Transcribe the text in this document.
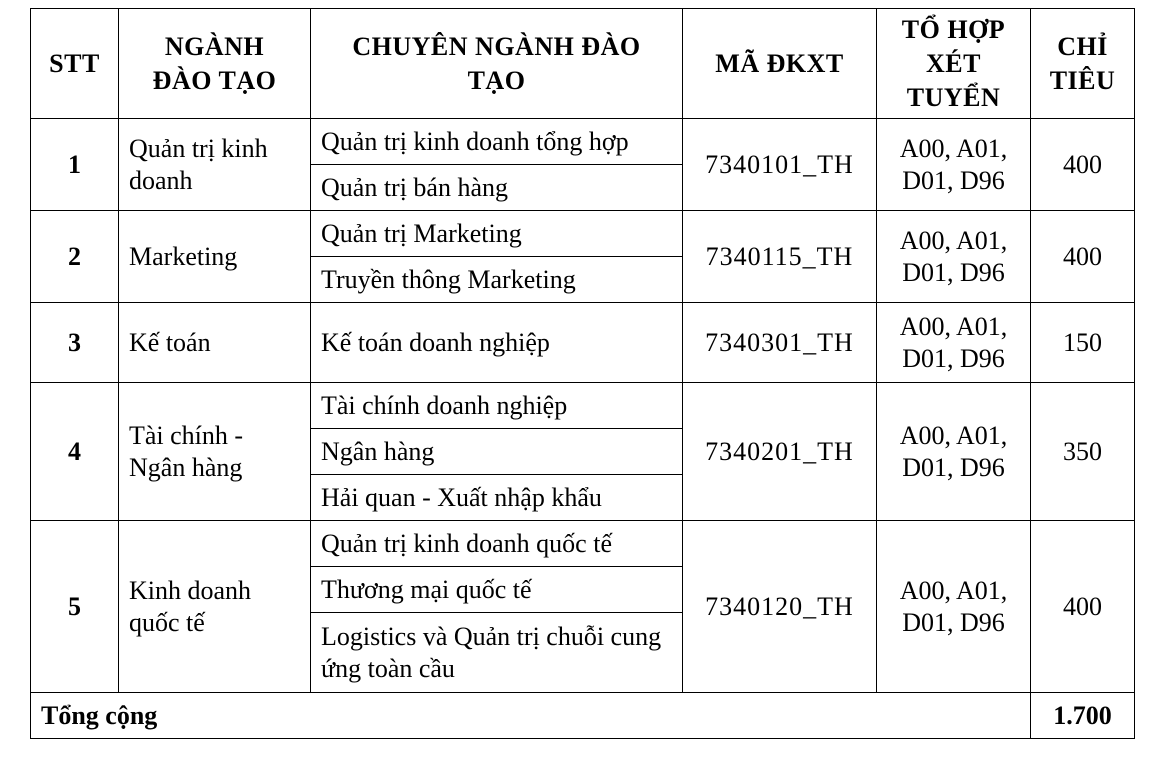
STT	NGÀNH ĐÀO TẠO	CHUYÊN NGÀNH ĐÀO TẠO	MÃ ĐKXT	TỔ HỢP XÉT TUYỂN	CHỈ TIÊU
1	Quản trị kinh doanh	Quản trị kinh doanh tổng hợp	7340101_TH	A00, A01, D01, D96	400
		Quản trị bán hàng			
2	Marketing	Quản trị Marketing	7340115_TH	A00, A01, D01, D96	400
		Truyền thông Marketing			
3	Kế toán	Kế toán doanh nghiệp	7340301_TH	A00, A01, D01, D96	150
4	Tài chính - Ngân hàng	Tài chính doanh nghiệp	7340201_TH	A00, A01, D01, D96	350
		Ngân hàng			
		Hải quan - Xuất nhập khẩu			
5	Kinh doanh quốc tế	Quản trị kinh doanh quốc tế	7340120_TH	A00, A01, D01, D96	400
		Thương mại quốc tế			
		Logistics và Quản trị chuỗi cung ứng toàn cầu			
Tổng cộng					1.700
